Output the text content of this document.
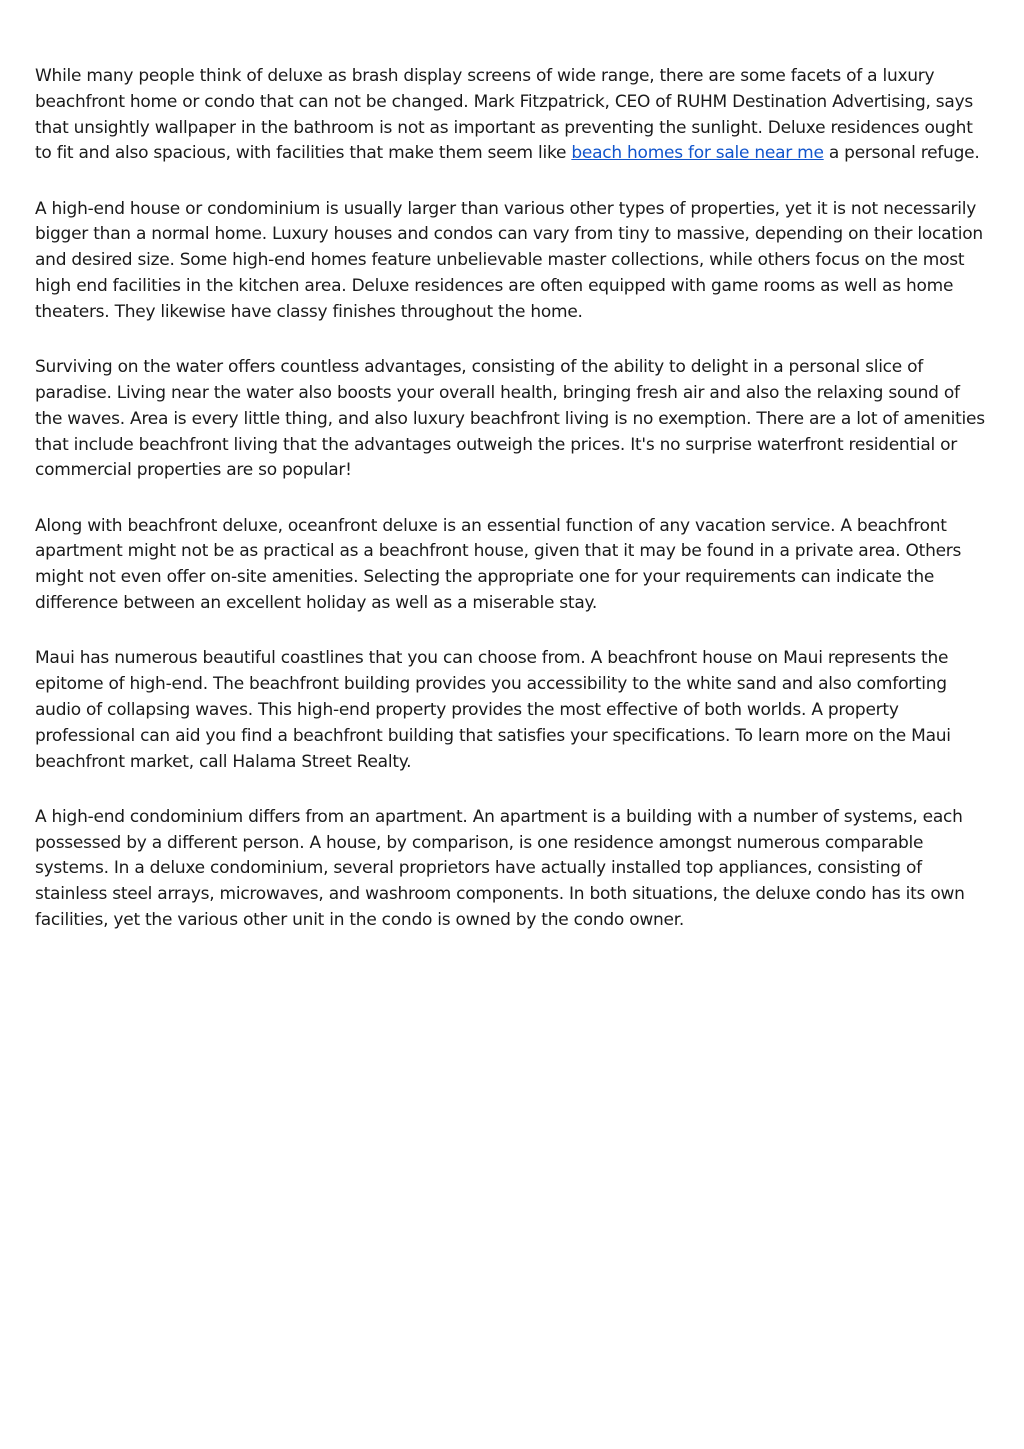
While many people think of deluxe as brash display screens of wide range, there are some facets of a luxury beachfront home or condo that can not be changed. Mark Fitzpatrick, CEO of RUHM Destination Advertising, says that unsightly wallpaper in the bathroom is not as important as preventing the sunlight. Deluxe residences ought to fit and also spacious, with facilities that make them seem like beach homes for sale near me a personal refuge.

A high-end house or condominium is usually larger than various other types of properties, yet it is not necessarily bigger than a normal home. Luxury houses and condos can vary from tiny to massive, depending on their location and desired size. Some high-end homes feature unbelievable master collections, while others focus on the most high end facilities in the kitchen area. Deluxe residences are often equipped with game rooms as well as home theaters. They likewise have classy finishes throughout the home.

Surviving on the water offers countless advantages, consisting of the ability to delight in a personal slice of paradise. Living near the water also boosts your overall health, bringing fresh air and also the relaxing sound of the waves. Area is every little thing, and also luxury beachfront living is no exemption. There are a lot of amenities that include beachfront living that the advantages outweigh the prices. It's no surprise waterfront residential or commercial properties are so popular!

Along with beachfront deluxe, oceanfront deluxe is an essential function of any vacation service. A beachfront apartment might not be as practical as a beachfront house, given that it may be found in a private area. Others might not even offer on-site amenities. Selecting the appropriate one for your requirements can indicate the difference between an excellent holiday as well as a miserable stay.

Maui has numerous beautiful coastlines that you can choose from. A beachfront house on Maui represents the epitome of high-end. The beachfront building provides you accessibility to the white sand and also comforting audio of collapsing waves. This high-end property provides the most effective of both worlds. A property professional can aid you find a beachfront building that satisfies your specifications. To learn more on the Maui beachfront market, call Halama Street Realty.

A high-end condominium differs from an apartment. An apartment is a building with a number of systems, each possessed by a different person. A house, by comparison, is one residence amongst numerous comparable systems. In a deluxe condominium, several proprietors have actually installed top appliances, consisting of stainless steel arrays, microwaves, and washroom components. In both situations, the deluxe condo has its own facilities, yet the various other unit in the condo is owned by the condo owner.
